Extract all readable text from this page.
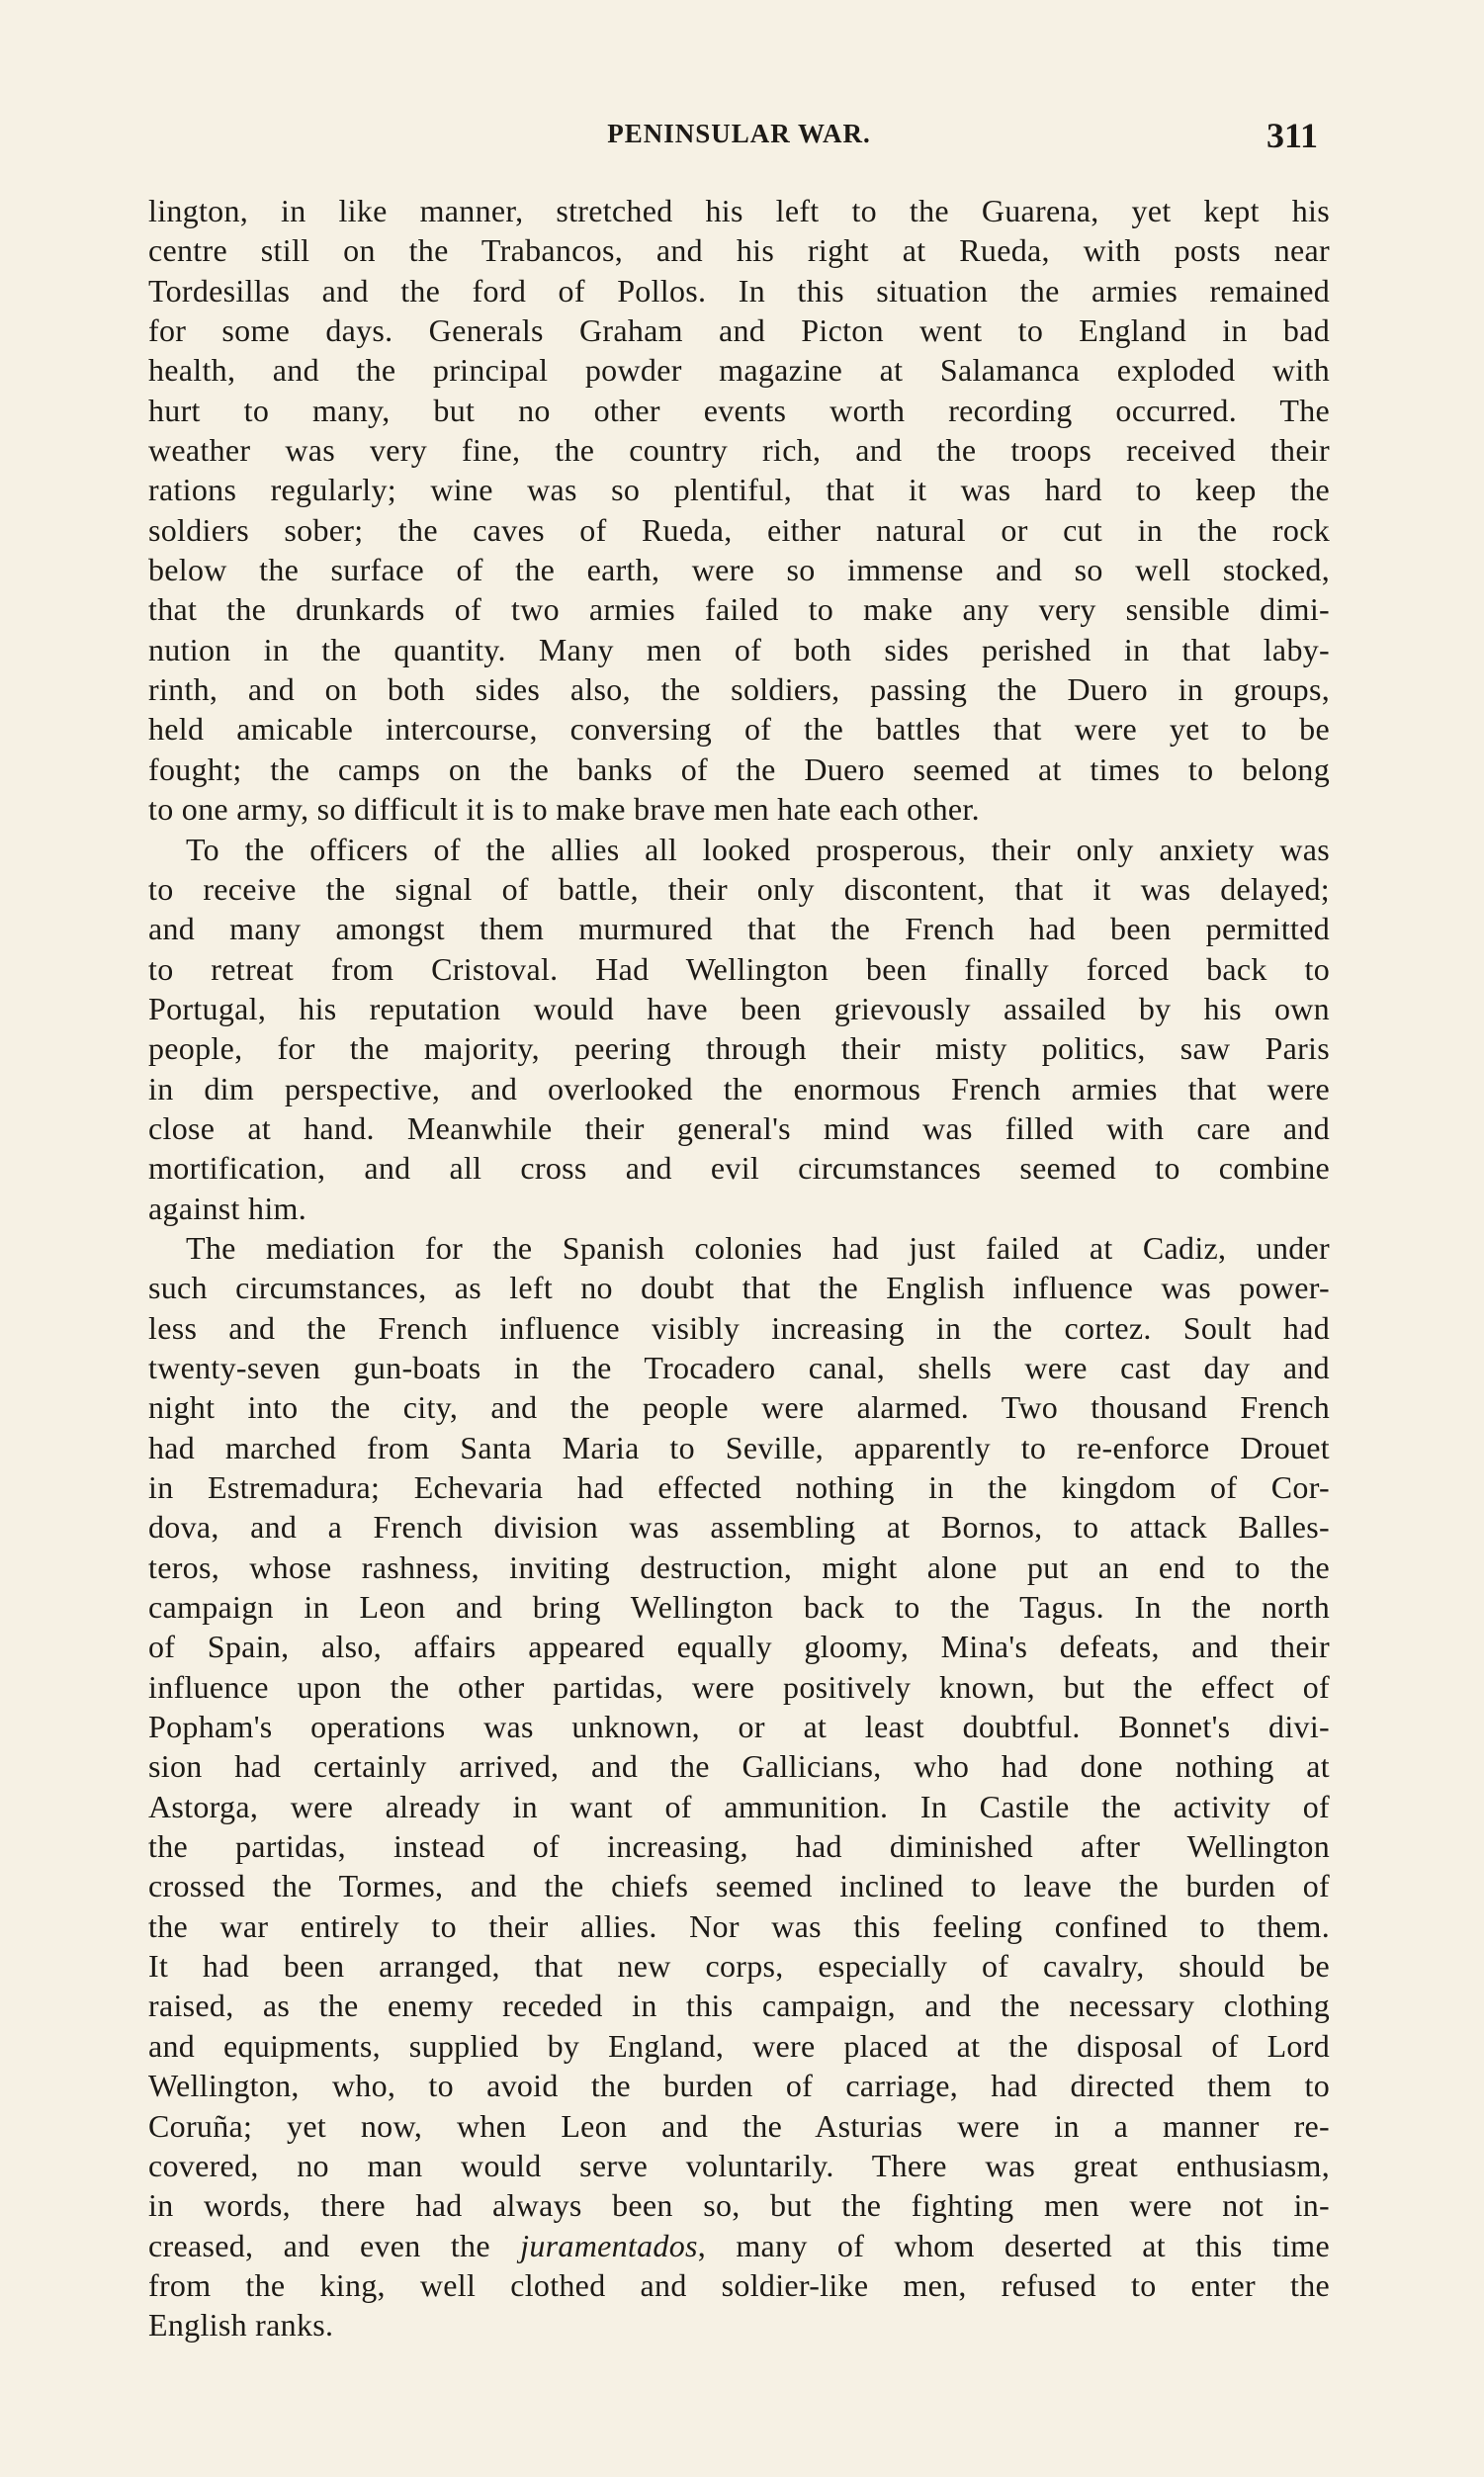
PENINSULAR WAR.	311

lington, in like manner, stretched his left to the Guarena, yet kept his
centre still on the Trabancos, and his right at Rueda, with posts near
Tordesillas and the ford of Pollos. In this situation the armies remained
for some days. Generals Graham and Picton went to England in bad
health, and the principal powder magazine at Salamanca exploded with
hurt to many, but no other events worth recording occurred. The
weather was very fine, the country rich, and the troops received their
rations regularly; wine was so plentiful, that it was hard to keep the
soldiers sober; the caves of Rueda, either natural or cut in the rock
below the surface of the earth, were so immense and so well stocked,
that the drunkards of two armies failed to make any very sensible dimi-
nution in the quantity. Many men of both sides perished in that laby-
rinth, and on both sides also, the soldiers, passing the Duero in groups,
held amicable intercourse, conversing of the battles that were yet to be
fought; the camps on the banks of the Duero seemed at times to belong
to one army, so difficult it is to make brave men hate each other.

To the officers of the allies all looked prosperous, their only anxiety was
to receive the signal of battle, their only discontent, that it was delayed;
and many amongst them murmured that the French had been permitted
to retreat from Cristoval. Had Wellington been finally forced back to
Portugal, his reputation would have been grievously assailed by his own
people, for the majority, peering through their misty politics, saw Paris
in dim perspective, and overlooked the enormous French armies that were
close at hand. Meanwhile their general's mind was filled with care and
mortification, and all cross and evil circumstances seemed to combine
against him.

The mediation for the Spanish colonies had just failed at Cadiz, under
such circumstances, as left no doubt that the English influence was power-
less and the French influence visibly increasing in the cortez. Soult had
twenty-seven gun-boats in the Trocadero canal, shells were cast day and
night into the city, and the people were alarmed. Two thousand French
had marched from Santa Maria to Seville, apparently to re-enforce Drouet
in Estremadura; Echevaria had effected nothing in the kingdom of Cor-
dova, and a French division was assembling at Bornos, to attack Balles-
teros, whose rashness, inviting destruction, might alone put an end to the
campaign in Leon and bring Wellington back to the Tagus. In the north
of Spain, also, affairs appeared equally gloomy, Mina's defeats, and their
influence upon the other partidas, were positively known, but the effect of
Popham's operations was unknown, or at least doubtful. Bonnet's divi-
sion had certainly arrived, and the Gallicians, who had done nothing at
Astorga, were already in want of ammunition. In Castile the activity of
the partidas, instead of increasing, had diminished after Wellington
crossed the Tormes, and the chiefs seemed inclined to leave the burden of
the war entirely to their allies. Nor was this feeling confined to them.
It had been arranged, that new corps, especially of cavalry, should be
raised, as the enemy receded in this campaign, and the necessary clothing
and equipments, supplied by England, were placed at the disposal of Lord
Wellington, who, to avoid the burden of carriage, had directed them to
Coruña; yet now, when Leon and the Asturias were in a manner re-
covered, no man would serve voluntarily. There was great enthusiasm,
in words, there had always been so, but the fighting men were not in-
creased, and even the juramentados, many of whom deserted at this time
from the king, well clothed and soldier-like men, refused to enter the
English ranks.
